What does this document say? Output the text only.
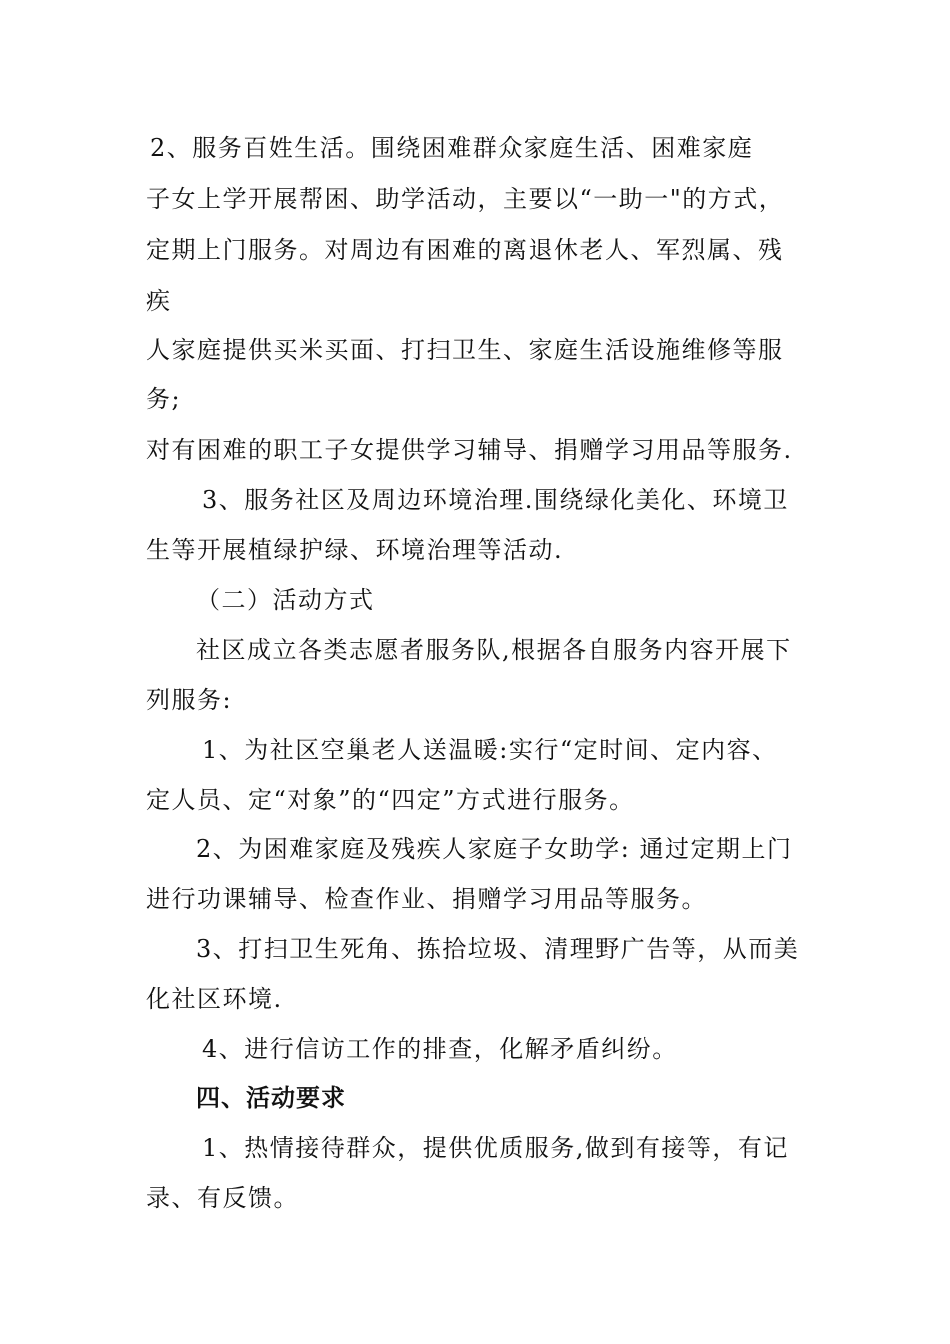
2、服务百姓生活。围绕困难群众家庭生活、困难家庭
子女上学开展帮困、助学活动，主要以“一助一"的方式，
定期上门服务。对周边有困难的离退休老人、军烈属、残
疾
人家庭提供买米买面、打扫卫生、家庭生活设施维修等服
务;
对有困难的职工子女提供学习辅导、捐赠学习用品等服务.
3、服务社区及周边环境治理.围绕绿化美化、环境卫
生等开展植绿护绿、环境治理等活动.
（二）活动方式
社区成立各类志愿者服务队,根据各自服务内容开展下
列服务:
1、为社区空巢老人送温暖:实行“定时间、定内容、
定人员、定“对象”的“四定”方式进行服务。
2、为困难家庭及残疾人家庭子女助学: 通过定期上门
进行功课辅导、检查作业、捐赠学习用品等服务。
3、打扫卫生死角、拣拾垃圾、清理野广告等，从而美
化社区环境.
4、进行信访工作的排查，化解矛盾纠纷。
四、活动要求
1、热情接待群众，提供优质服务,做到有接等，有记
录、有反馈。
